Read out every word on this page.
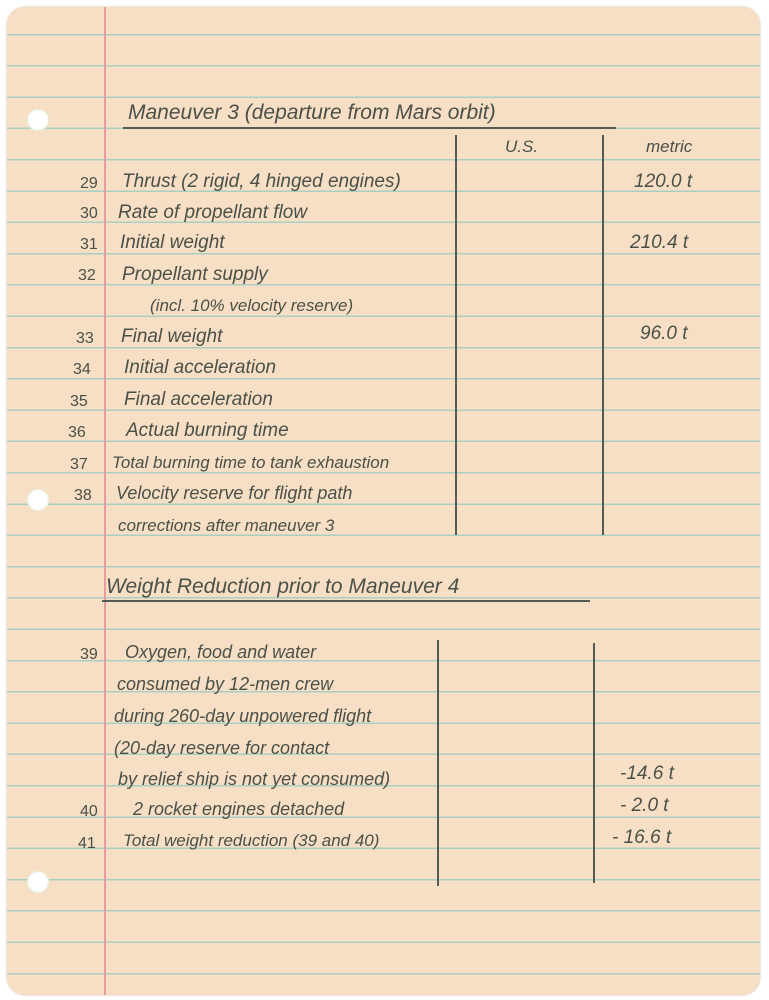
Maneuver 3 (departure from Mars orbit)
U.S.	metric
29 Thrust (2 rigid, 4 hinged engines)	120.0 t
30 Rate of propellant flow
31 Initial weight	210.4 t
32 Propellant supply
(incl. 10% velocity reserve)
33 Final weight	96.0 t
34 Initial acceleration
35 Final acceleration
36 Actual burning time
37 Total burning time to tank exhaustion
38 Velocity reserve for flight path
corrections after maneuver 3
Weight Reduction prior to Maneuver 4
39 Oxygen, food and water
consumed by 12-men crew
during 260-day unpowered flight
(20-day reserve for contact
by relief ship is not yet consumed)	-14.6 t
40 2 rocket engines detached	- 2.0 t
41 Total weight reduction (39 and 40)	- 16.6 t
